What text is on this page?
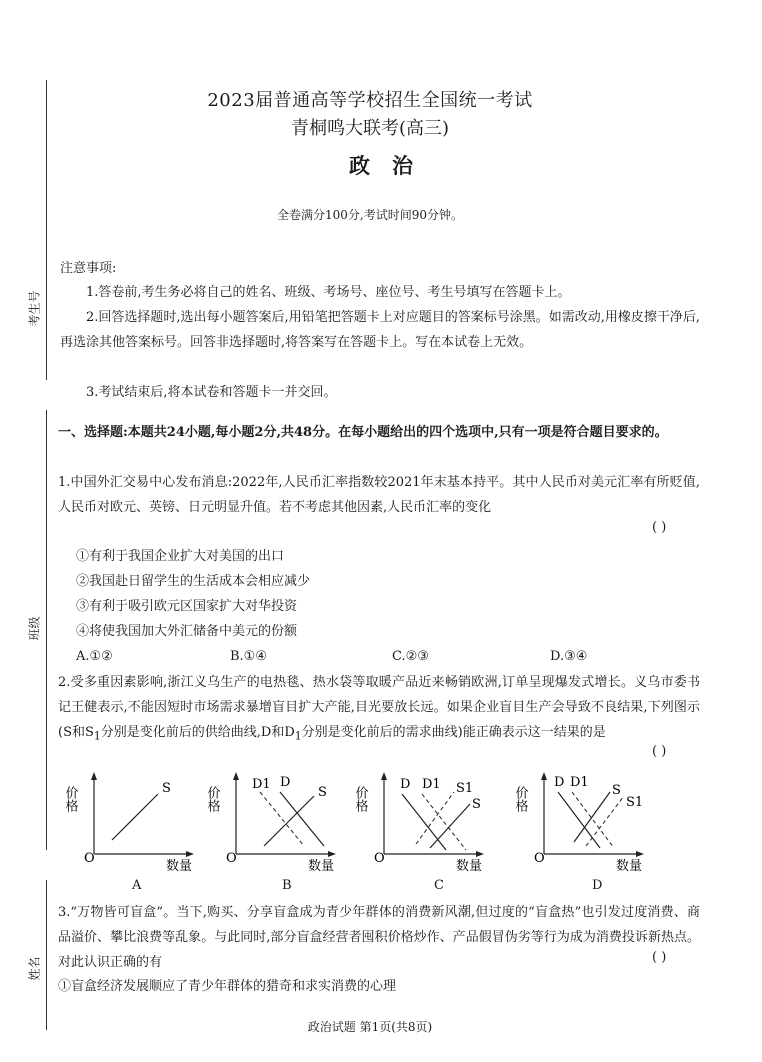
考生号
班级
姓名
2023届普通高等学校招生全国统一考试
青桐鸣大联考(高三)
政治
全卷满分100分,考试时间90分钟。
注意事项:
1.答卷前,考生务必将自己的姓名、班级、考场号、座位号、考生号填写在答题卡上。
2.回答选择题时,选出每小题答案后,用铅笔把答题卡上对应题目的答案标号涂黑。如需改动,用橡皮擦干净后,再选涂其他答案标号。回答非选择题时,将答案写在答题卡上。写在本试卷上无效。
3.考试结束后,将本试卷和答题卡一并交回。
一、选择题:本题共24小题,每小题2分,共48分。在每小题给出的四个选项中,只有一项是符合题目要求的。
1.中国外汇交易中心发布消息:2022年,人民币汇率指数较2021年末基本持平。其中人民币对美元汇率有所贬值,人民币对欧元、英镑、日元明显升值。若不考虑其他因素,人民币汇率的变化
( )
①有利于我国企业扩大对美国的出口
②我国赴日留学生的生活成本会相应减少
③有利于吸引欧元区国家扩大对华投资
④将使我国加大外汇储备中美元的份额
A.①②	B.①④	C.②③	D.③④
2.受多重因素影响,浙江义乌生产的电热毯、热水袋等取暖产品近来畅销欧洲,订单呈现爆发式增长。义乌市委书记王健表示,不能因短时市场需求暴增盲目扩大产能,目光要放长远。如果企业盲目生产会导致不良结果,下列图示(S和$S_1$分别是变化前后的供给曲线,D和$D_1$分别是变化前后的需求曲线)能正确表示这一结果的是
( )
价格
O
数量
S
A
价格
O
数量
D1 D
S
B
价格
O
数量
D D1 S1
S
C
价格
O
数量
D D1
S
S1
D
3.“万物皆可盲盒”。当下,购买、分享盲盒成为青少年群体的消费新风潮,但过度的“盲盒热”也引发过度消费、商品溢价、攀比浪费等乱象。与此同时,部分盲盒经营者囤积价格炒作、产品假冒伪劣等行为成为消费投诉新热点。对此认识正确的有	( )
①盲盒经济发展顺应了青少年群体的猎奇和求实消费的心理
政治试题 第1页(共8页)
